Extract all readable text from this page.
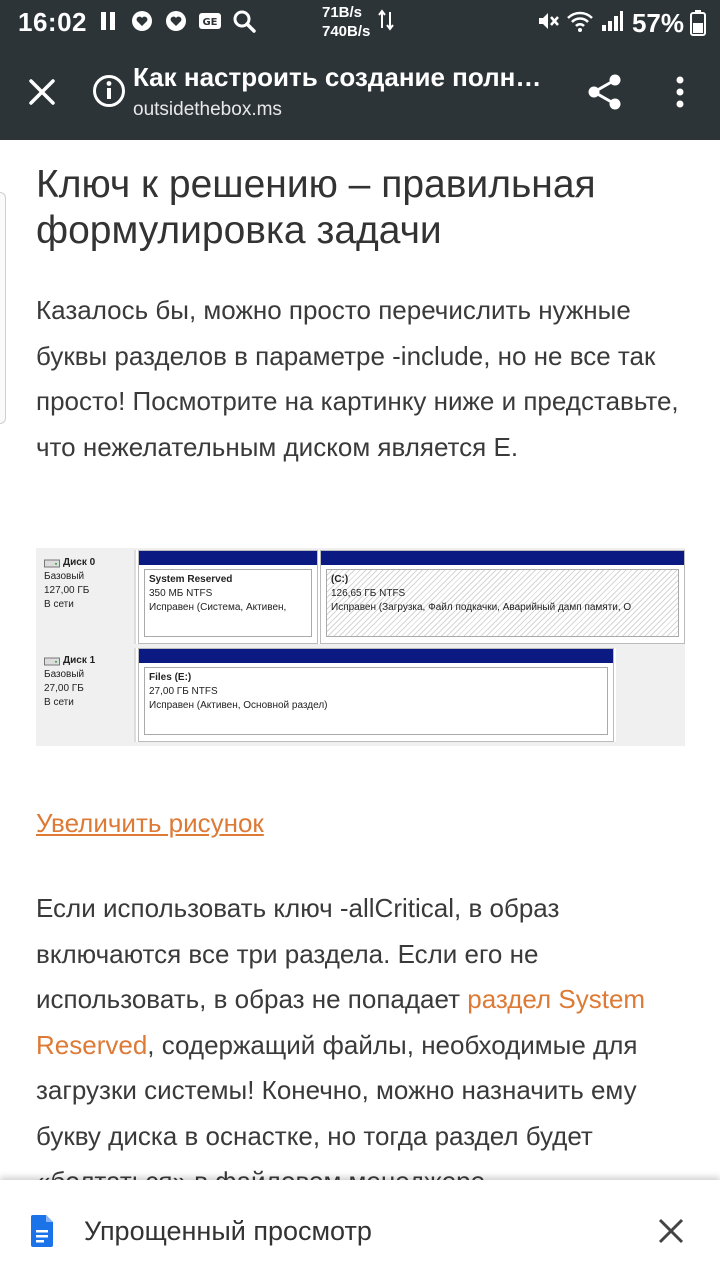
16:02	GE
71B/s
740B/s	57%
Как настроить создание полн…
outsidethebox.ms
Ключ к решению – правильная формулировка задачи

Казалось бы, можно просто перечислить нужные буквы разделов в параметре -include, но не все так просто! Посмотрите на картинку ниже и представьте, что нежелательным диском является E.

Диск 0
Базовый
127,00 ГБ
В сети
System Reserved
350 МБ NTFS
Исправен (Система, Активен,
(C:)
126,65 ГБ NTFS
Исправен (Загрузка, Файл подкачки, Аварийный дамп памяти, О
Диск 1
Базовый
27,00 ГБ
В сети
Files (E:)
27,00 ГБ NTFS
Исправен (Активен, Основной раздел)
Увеличить рисунок

Если использовать ключ -allCritical, в образ включаются все три раздела. Если его не использовать, в образ не попадает раздел System Reserved, содержащий файлы, необходимые для загрузки системы! Конечно, можно назначить ему букву диска в оснастке, но тогда раздел будет

Упрощенный просмотр
